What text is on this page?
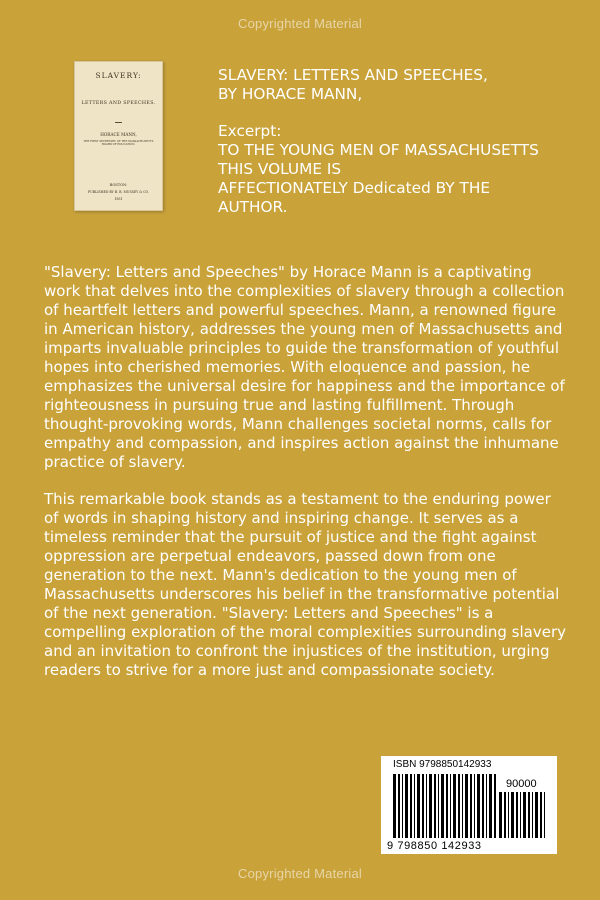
Copyrighted Material
SLAVERY:
LETTERS AND SPEECHES.
HORACE MANN,
THE FIRST SECRETARY OF THE MASSACHUSETTS BOARD OF EDUCATION.
BOSTON:
PUBLISHED BY B. B. MUSSEY & CO.
1851
SLAVERY: LETTERS AND SPEECHES,
BY HORACE MANN,
Excerpt:
TO THE YOUNG MEN OF MASSACHUSETTS
THIS VOLUME IS
AFFECTIONATELY Dedicated BY THE
AUTHOR.

"Slavery: Letters and Speeches" by Horace Mann is a captivating work that delves into the complexities of slavery through a collection of heartfelt letters and powerful speeches. Mann, a renowned figure in American history, addresses the young men of Massachusetts and imparts invaluable principles to guide the transformation of youthful hopes into cherished memories. With eloquence and passion, he emphasizes the universal desire for happiness and the importance of righteousness in pursuing true and lasting fulfillment. Through thought-provoking words, Mann challenges societal norms, calls for empathy and compassion, and inspires action against the inhumane practice of slavery.

This remarkable book stands as a testament to the enduring power of words in shaping history and inspiring change. It serves as a timeless reminder that the pursuit of justice and the fight against oppression are perpetual endeavors, passed down from one generation to the next. Mann's dedication to the young men of Massachusetts underscores his belief in the transformative potential of the next generation. "Slavery: Letters and Speeches" is a compelling exploration of the moral complexities surrounding slavery and an invitation to confront the injustices of the institution, urging readers to strive for a more just and compassionate society.

ISBN 9798850142933
90000
9 798850 142933
Copyrighted Material
